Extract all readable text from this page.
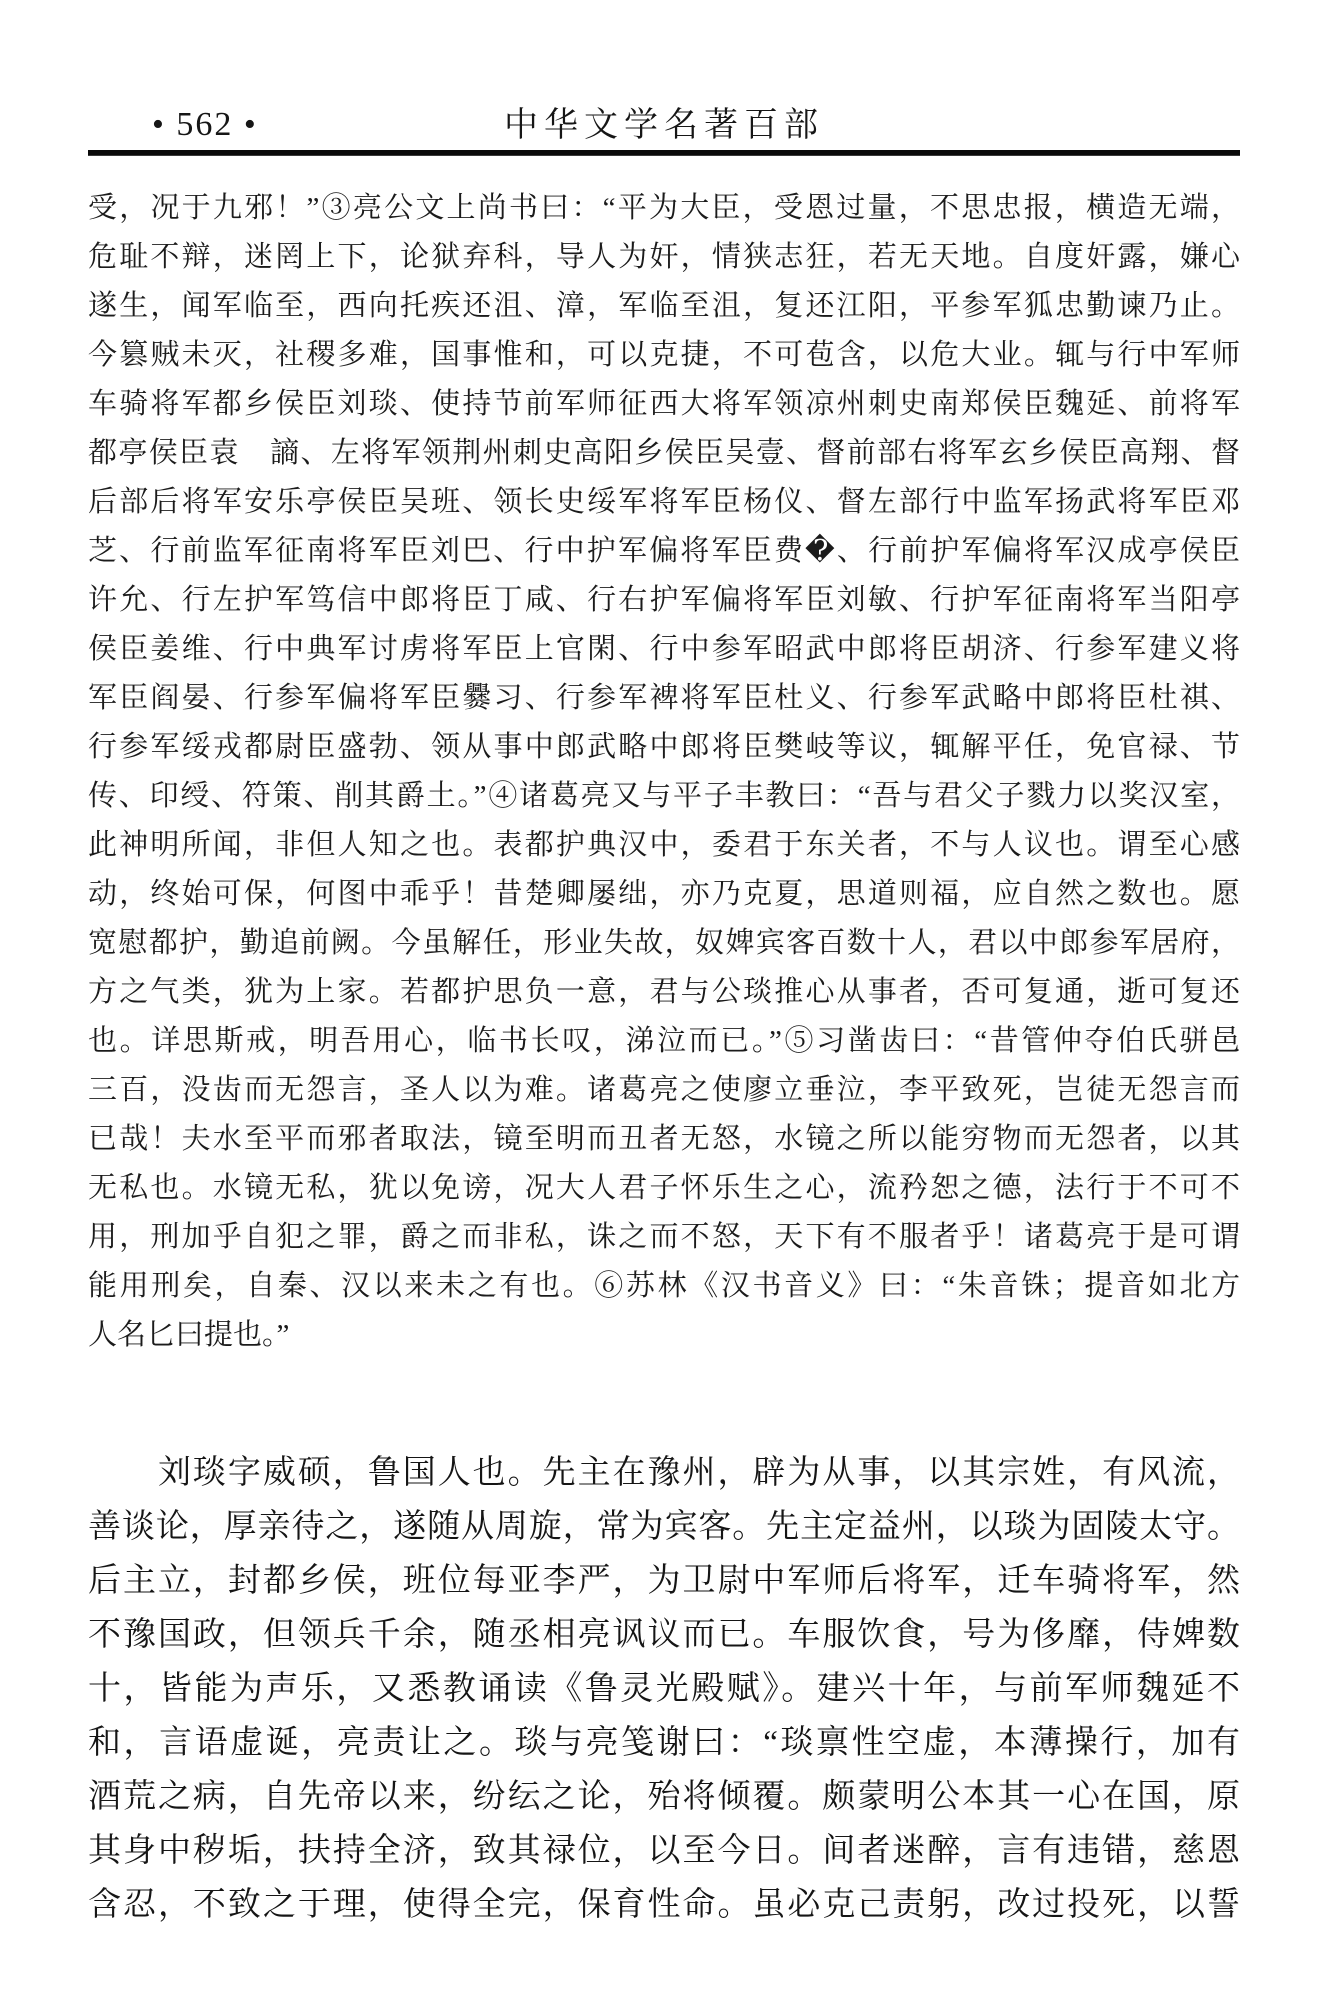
• 562 •	中华文学名著百部
受，况于九邪！”③亮公文上尚书曰：“平为大臣，受恩过量，不思忠报，横造无端，
危耻不辩，迷罔上下，论狱弃科，导人为奸，情狭志狂，若无天地。自度奸露，嫌心
遂生，闻军临至，西向托疾还沮、漳，军临至沮，复还江阳，平参军狐忠勤谏乃止。
今篡贼未灭，社稷多难，国事惟和，可以克捷，不可苞含，以危大业。辄与行中军师
车骑将军都乡侯臣刘琰、使持节前军师征西大将军领凉州刺史南郑侯臣魏延、前将军
都亭侯臣袁　謪、左将军领荆州刺史高阳乡侯臣吴壹、督前部右将军玄乡侯臣高翔、督
后部后将军安乐亭侯臣吴班、领长史绥军将军臣杨仪、督左部行中监军扬武将军臣邓
芝、行前监军征南将军臣刘巴、行中护军偏将军臣费�、行前护军偏将军汉成亭侯臣
许允、行左护军笃信中郎将臣丁咸、行右护军偏将军臣刘敏、行护军征南将军当阳亭
侯臣姜维、行中典军讨虏将军臣上官閑、行中参军昭武中郎将臣胡济、行参军建义将
军臣阎晏、行参军偏将军臣爨习、行参军裨将军臣杜义、行参军武略中郎将臣杜祺、
行参军绥戎都尉臣盛勃、领从事中郎武略中郎将臣樊岐等议，辄解平任，免官禄、节
传、印绶、符策、削其爵土。”④诸葛亮又与平子丰教曰：“吾与君父子戮力以奖汉室，
此神明所闻，非但人知之也。表都护典汉中，委君于东关者，不与人议也。谓至心感
动，终始可保，何图中乖乎！昔楚卿屡绌，亦乃克夏，思道则福，应自然之数也。愿
宽慰都护，勤追前阙。今虽解任，形业失故，奴婢宾客百数十人，君以中郎参军居府，
方之气类，犹为上家。若都护思负一意，君与公琰推心从事者，否可复通，逝可复还
也。详思斯戒，明吾用心，临书长叹，涕泣而已。”⑤习凿齿曰：“昔管仲夺伯氏骈邑
三百，没齿而无怨言，圣人以为难。诸葛亮之使廖立垂泣，李平致死，岂徒无怨言而
已哉！夫水至平而邪者取法，镜至明而丑者无怒，水镜之所以能穷物而无怨者，以其
无私也。水镜无私，犹以免谤，况大人君子怀乐生之心，流矜恕之德，法行于不可不
用，刑加乎自犯之罪，爵之而非私，诛之而不怒，天下有不服者乎！诸葛亮于是可谓
能用刑矣，自秦、汉以来未之有也。⑥苏林《汉书音义》曰：“朱音铢；提音如北方
人名匕曰提也。”
　　刘琰字威硕，鲁国人也。先主在豫州，辟为从事，以其宗姓，有风流，
善谈论，厚亲待之，遂随从周旋，常为宾客。先主定益州，以琰为固陵太守。
后主立，封都乡侯，班位每亚李严，为卫尉中军师后将军，迁车骑将军，然
不豫国政，但领兵千余，随丞相亮讽议而已。车服饮食，号为侈靡，侍婢数
十，皆能为声乐，又悉教诵读《鲁灵光殿赋》。建兴十年，与前军师魏延不
和，言语虚诞，亮责让之。琰与亮笺谢曰：“琰禀性空虚，本薄操行，加有
酒荒之病，自先帝以来，纷纭之论，殆将倾覆。颇蒙明公本其一心在国，原
其身中秽垢，扶持全济，致其禄位，以至今日。间者迷醉，言有违错，慈恩
含忍，不致之于理，使得全完，保育性命。虽必克己责躬，改过投死，以誓
